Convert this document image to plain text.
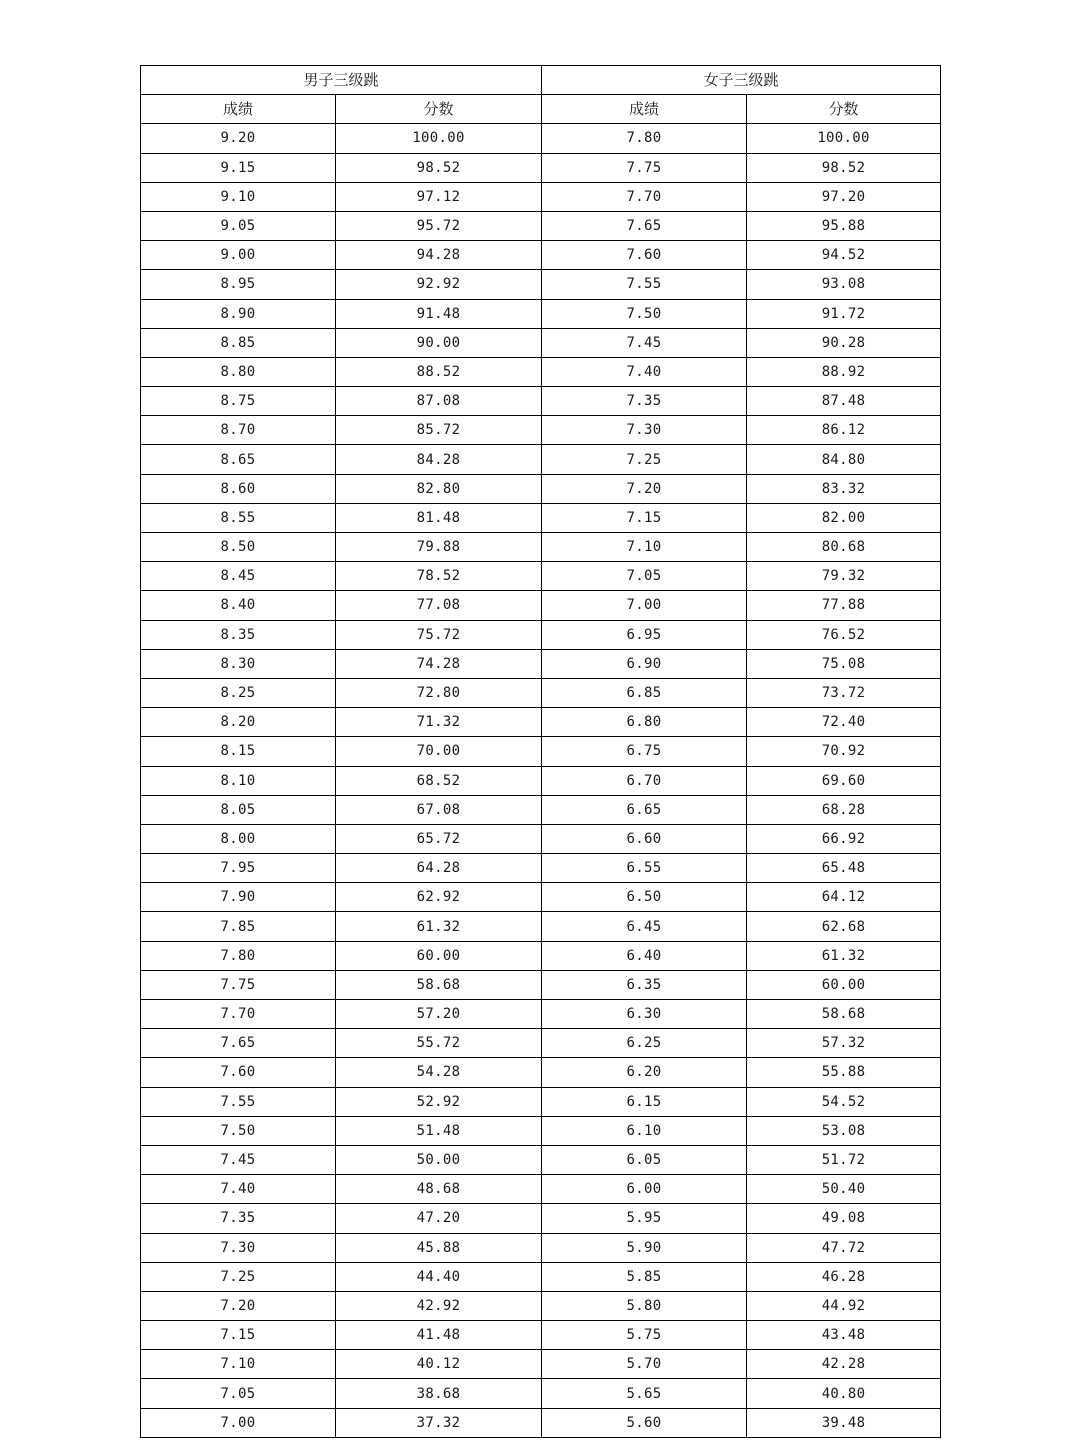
男子三级跳		女子三级跳	
成绩	分数	成绩	分数
9.20	100.00	7.80	100.00
9.15	98.52	7.75	98.52
9.10	97.12	7.70	97.20
9.05	95.72	7.65	95.88
9.00	94.28	7.60	94.52
8.95	92.92	7.55	93.08
8.90	91.48	7.50	91.72
8.85	90.00	7.45	90.28
8.80	88.52	7.40	88.92
8.75	87.08	7.35	87.48
8.70	85.72	7.30	86.12
8.65	84.28	7.25	84.80
8.60	82.80	7.20	83.32
8.55	81.48	7.15	82.00
8.50	79.88	7.10	80.68
8.45	78.52	7.05	79.32
8.40	77.08	7.00	77.88
8.35	75.72	6.95	76.52
8.30	74.28	6.90	75.08
8.25	72.80	6.85	73.72
8.20	71.32	6.80	72.40
8.15	70.00	6.75	70.92
8.10	68.52	6.70	69.60
8.05	67.08	6.65	68.28
8.00	65.72	6.60	66.92
7.95	64.28	6.55	65.48
7.90	62.92	6.50	64.12
7.85	61.32	6.45	62.68
7.80	60.00	6.40	61.32
7.75	58.68	6.35	60.00
7.70	57.20	6.30	58.68
7.65	55.72	6.25	57.32
7.60	54.28	6.20	55.88
7.55	52.92	6.15	54.52
7.50	51.48	6.10	53.08
7.45	50.00	6.05	51.72
7.40	48.68	6.00	50.40
7.35	47.20	5.95	49.08
7.30	45.88	5.90	47.72
7.25	44.40	5.85	46.28
7.20	42.92	5.80	44.92
7.15	41.48	5.75	43.48
7.10	40.12	5.70	42.28
7.05	38.68	5.65	40.80
7.00	37.32	5.60	39.48
